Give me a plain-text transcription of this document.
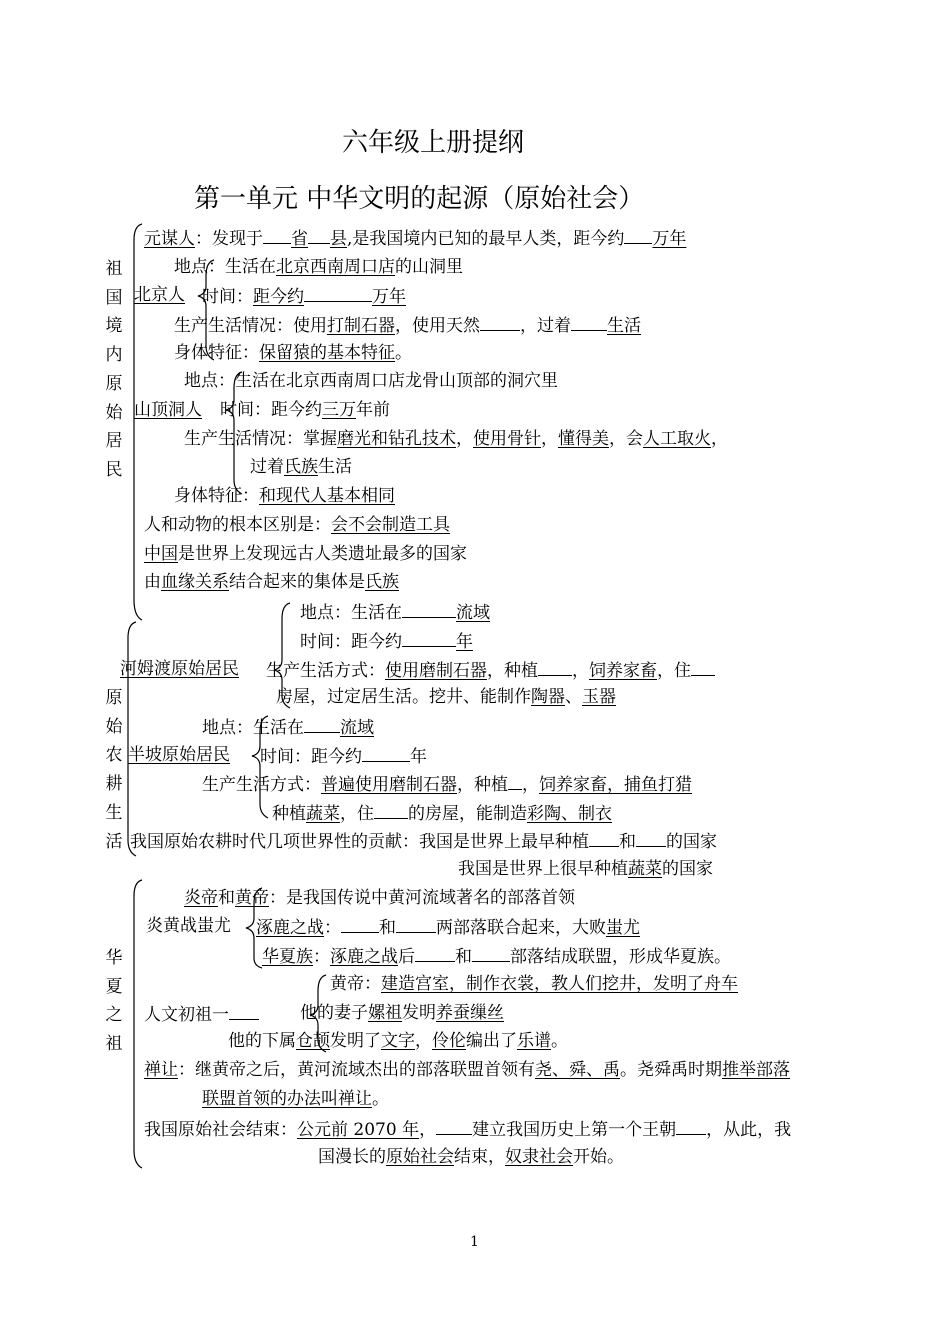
六年级上册提纲
第一单元 中华文明的起源（原始社会）
祖
国
境
内
原
始
居
民
原
始
农
耕
生
活
华
夏
之
祖
元谋人：发现于 省 县,是我国境内已知的最早人类，距今约 万年
地点：生活在北京西南周口店的山洞里
北京人 时间：距今约	万年
生产生活情况：使用打制石器，使用天然 ，过着 生活
身体特征：保留猿的基本特征。
地点：生活在北京西南周口店龙骨山顶部的洞穴里
山顶洞人 时间：距今约三万年前
生产生活情况：掌握磨光和钻孔技术，使用骨针，懂得美，会人工取火，
过着氏族生活
身体特征：和现代人基本相同
人和动物的根本区别是：会不会制造工具
中国是世界上发现远古人类遗址最多的国家
由血缘关系结合起来的集体是氏族
地点：生活在	流域
时间：距今约	年
河姆渡原始居民 生产生活方式：使用磨制石器，种植 ，饲养家畜，住
房屋，过定居生活。挖井、能制作陶器、玉器
地点：生活在 流域
半坡原始居民 时间：距今约	年
生产生活方式：普遍使用磨制石器，种植 ，饲养家畜，捕鱼打猎
种植蔬菜，住 的房屋，能制造彩陶、制衣
我国原始农耕时代几项世界性的贡献：我国是世界上最早种植 和 的国家
我国是世界上很早种植蔬菜的国家
炎帝和黄帝：是我国传说中黄河流域著名的部落首领
炎黄战蚩尤 涿鹿之战： 和 两部落联合起来，大败蚩尤
华夏族：涿鹿之战后 和 部落结成联盟，形成华夏族。
黄帝：建造宫室，制作衣裳，教人们挖井，发明了舟车
人文初祖一	他的妻子嫘祖发明养蚕缫丝
他的下属仓颉发明了文字，伶伦编出了乐谱。
禅让：继黄帝之后，黄河流域杰出的部落联盟首领有尧、舜、禹。尧舜禹时期推举部落
联盟首领的办法叫禅让。
我国原始社会结束：公元前 2070 年， 建立我国历史上第一个王朝 ，从此，我
国漫长的原始社会结束，奴隶社会开始。
1
